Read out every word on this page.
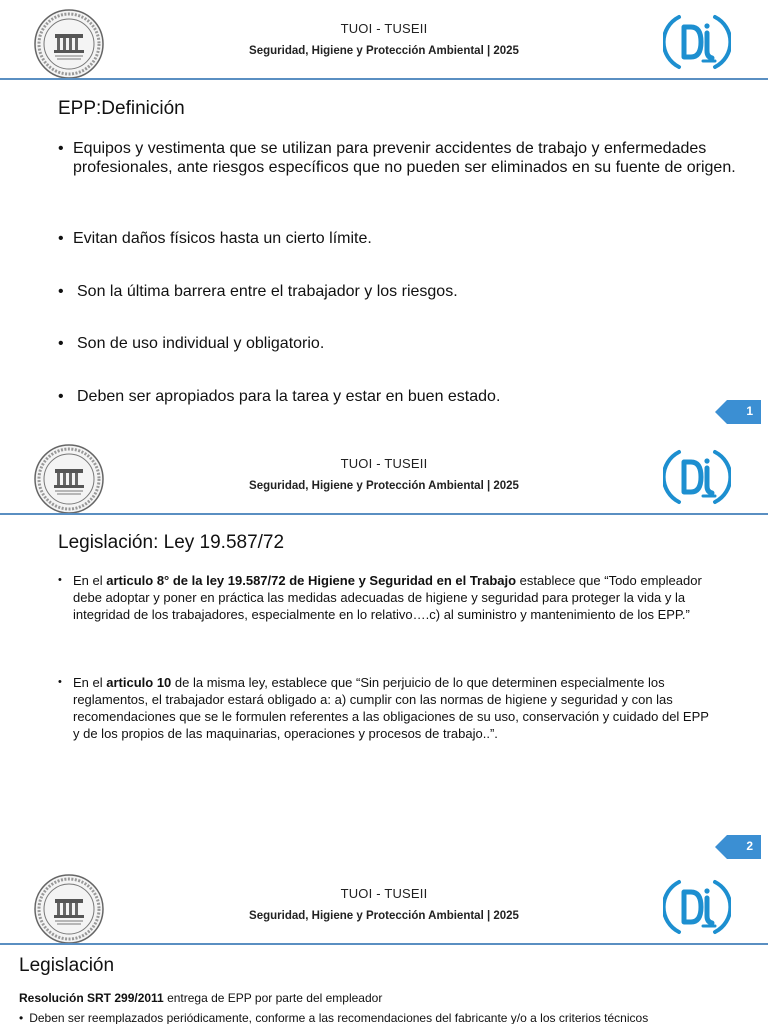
TUOI - TUSEII
Seguridad, Higiene y Protección Ambiental | 2025
EPP:Definición
• Equipos y vestimenta que se utilizan para prevenir accidentes de trabajo y enfermedades profesionales, ante riesgos específicos que no pueden ser eliminados en su fuente de origen.
• Evitan daños físicos hasta un cierto límite.
• Son la última barrera entre el trabajador y los riesgos.
• Son de uso individual y obligatorio.
• Deben ser apropiados para la tarea y estar en buen estado.
1
TUOI - TUSEII
Seguridad, Higiene y Protección Ambiental | 2025
Legislación: Ley 19.587/72
• En el articulo 8° de la ley 19.587/72 de Higiene y Seguridad en el Trabajo establece que “Todo empleador debe adoptar y poner en práctica las medidas adecuadas de higiene y seguridad para proteger la vida y la integridad de los trabajadores, especialmente en lo relativo….c) al suministro y mantenimiento de los EPP.”
• En el articulo 10 de la misma ley, establece que “Sin perjuicio de lo que determinen especialmente los reglamentos, el trabajador estará obligado a: a) cumplir con las normas de higiene y seguridad y con las recomendaciones que se le formulen referentes a las obligaciones de su uso, conservación y cuidado del EPP y de los propios de las maquinarias, operaciones y procesos de trabajo..”.
2
TUOI - TUSEII
Seguridad, Higiene y Protección Ambiental | 2025
Legislación
Resolución SRT 299/2011 entrega de EPP por parte del empleador
• Deben ser reemplazados periódicamente, conforme a las recomendaciones del fabricante y/o a los criterios técnicos
